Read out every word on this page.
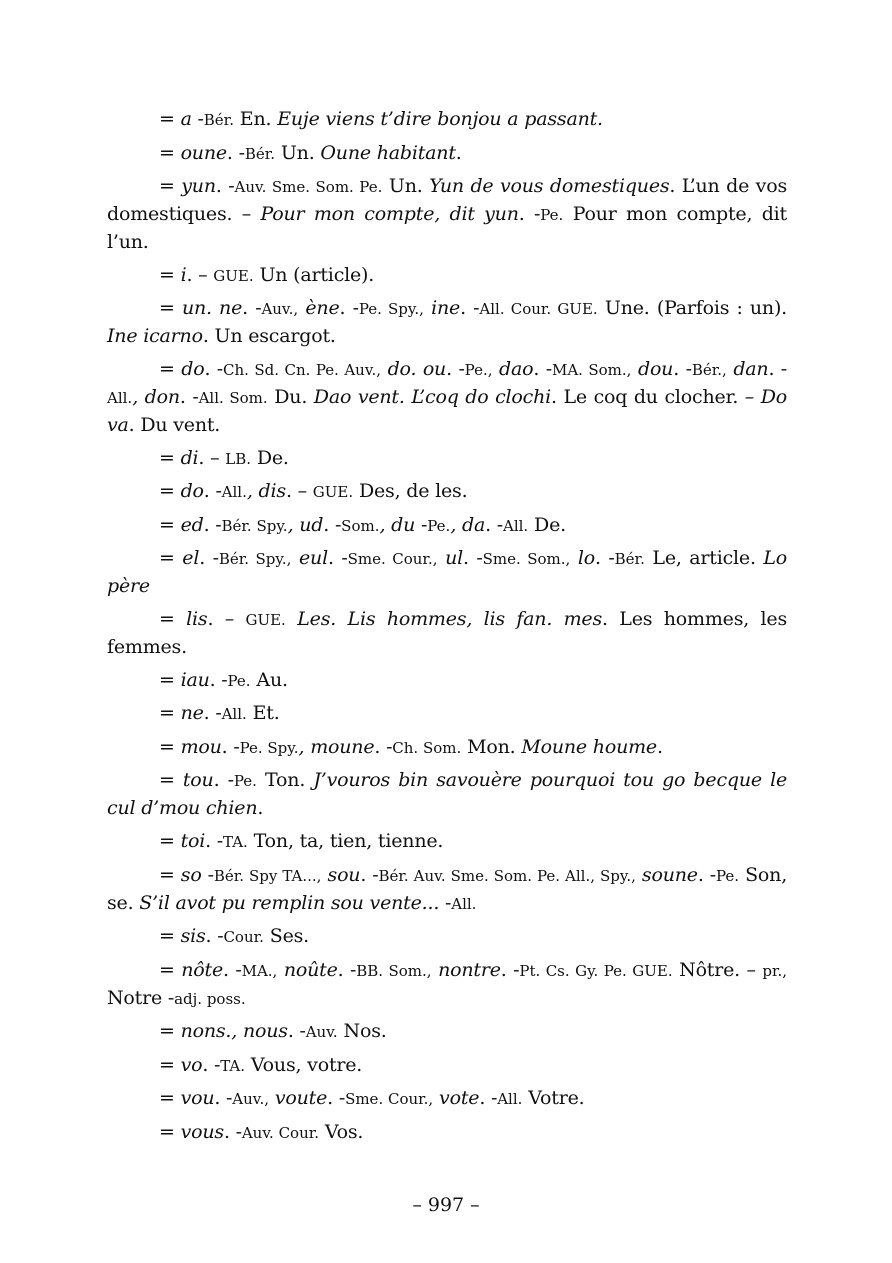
= a -Bér. En. Euje viens t’dire bonjou a passant.

= oune. -Bér. Un. Oune habitant.

= yun. -Auv. Sme. Som. Pe. Un. Yun de vous domestiques. L’un de vos domestiques. – Pour mon compte, dit yun. -Pe. Pour mon compte, dit l’un.

= i. – GUE. Un (article).

= un. ne. -Auv., ène. -Pe. Spy., ine. -All. Cour. GUE. Une. (Parfois : un). Ine icarno. Un escargot.

= do. -Ch. Sd. Cn. Pe. Auv., do. ou. -Pe., dao. -MA. Som., dou. -Bér., dan. -All., don. -All. Som. Du. Dao vent. L’coq do clochi. Le coq du clocher. – Do va. Du vent.

= di. – LB. De.

= do. -All., dis. – GUE. Des, de les.

= ed. -Bér. Spy., ud. -Som., du -Pe., da. -All. De.

= el. -Bér. Spy., eul. -Sme. Cour., ul. -Sme. Som., lo. -Bér. Le, article. Lo père

= lis. – GUE. Les. Lis hommes, lis fan. mes. Les hommes, les femmes.

= iau. -Pe. Au.

= ne. -All. Et.

= mou. -Pe. Spy., moune. -Ch. Som. Mon. Moune houme.

= tou. -Pe. Ton. J’vouros bin savouère pourquoi tou go becque le cul d’mou chien.

= toi. -TA. Ton, ta, tien, tienne.

= so -Bér. Spy TA..., sou. -Bér. Auv. Sme. Som. Pe. All., Spy., soune. -Pe. Son, se. S’il avot pu remplin sou vente... -All.

= sis. -Cour. Ses.

= nôte. -MA., noûte. -BB. Som., nontre. -Pt. Cs. Gy. Pe. GUE. Nôtre. – pr., Notre -adj. poss.

= nons., nous. -Auv. Nos.

= vo. -TA. Vous, votre.

= vou. -Auv., voute. -Sme. Cour., vote. -All. Votre.

= vous. -Auv. Cour. Vos.

– 997 –
